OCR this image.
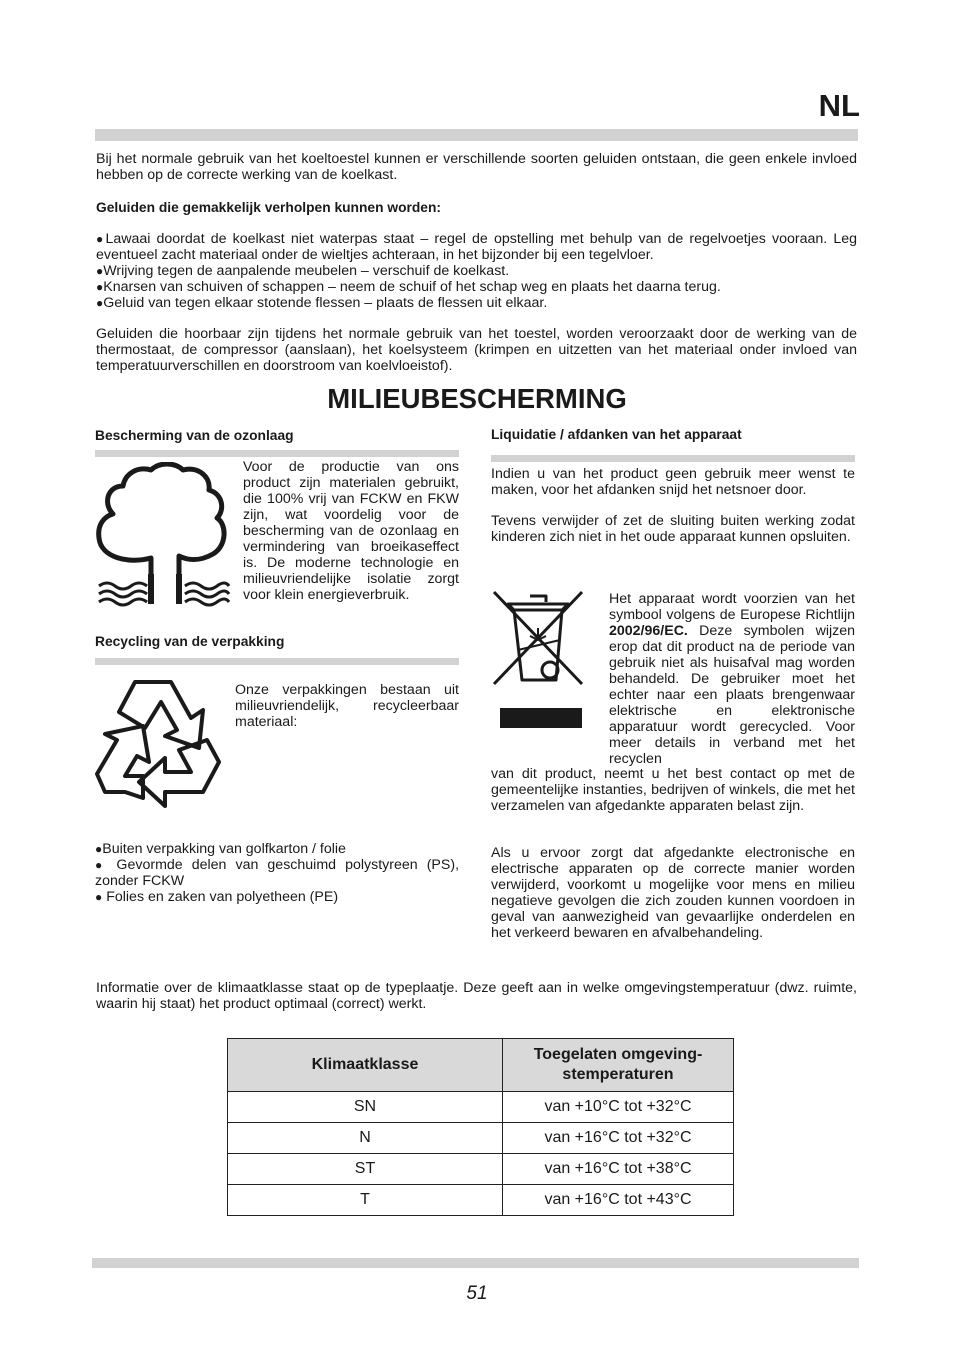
NL

Bij het normale gebruik van het koeltoestel kunnen er verschillende soorten geluiden ontstaan, die geen enkele invloed hebben op de correcte werking van de koelkast.

Geluiden die gemakkelijk verholpen kunnen worden:

● Lawaai doordat de koelkast niet waterpas staat – regel de opstelling met behulp van de regelvoetjes vooraan. Leg eventueel zacht materiaal onder de wieltjes achteraan, in het bijzonder bij een tegelvloer.
● Wrijving tegen de aanpalende meubelen – verschuif de koelkast.
● Knarsen van schuiven of schappen – neem de schuif of het schap weg en plaats het daarna terug.
● Geluid van tegen elkaar stotende flessen – plaats de flessen uit elkaar.

Geluiden die hoorbaar zijn tijdens het normale gebruik van het toestel, worden veroorzaakt door de werking van de thermostaat, de compressor (aanslaan), het koelsysteem (krimpen en uitzetten van het materiaal onder invloed van temperatuurverschillen en doorstroom van koelvloeistof).

MILIEUBESCHERMING

Bescherming van de ozonlaag

Voor de productie van ons product zijn materialen gebruikt, die 100% vrij van FCKW en FKW zijn, wat voordelig voor de bescherming van de ozonlaag en vermindering van broeikaseffect is. De moderne technologie en milieuvriendelijke isolatie zorgt voor klein energieverbruik.

Recycling van de verpakking

Onze verpakkingen bestaan uit milieuvriendelijk, recycleerbaar materiaal:

● Buiten verpakking van golfkarton / folie
● Gevormde delen van geschuimd polystyreen (PS), zonder FCKW
● Folies en zaken van polyetheen (PE)

Liquidatie / afdanken van het apparaat

Indien u van het product geen gebruik meer wenst te maken, voor het afdanken snijd het netsnoer door.

Tevens verwijder of zet de sluiting buiten werking zodat kinderen zich niet in het oude apparaat kunnen opsluiten.

Het apparaat wordt voorzien van het symbool volgens de Europese Richtlijn 2002/96/EC. Deze symbolen wijzen erop dat dit product na de periode van gebruik niet als huisafval mag worden behandeld. De gebruiker moet het echter naar een plaats brengenwaar elektrische en elektronische apparatuur wordt gerecycled. Voor meer details in verband met het recyclen

van dit product, neemt u het best contact op met de gemeentelijke instanties, bedrijven of winkels, die met het verzamelen van afgedankte apparaten belast zijn.

Als u ervoor zorgt dat afgedankte electronische en electrische apparaten op de correcte manier worden verwijderd, voorkomt u mogelijke voor mens en milieu negatieve gevolgen die zich zouden kunnen voordoen in geval van aanwezigheid van gevaarlijke onderdelen en het verkeerd bewaren en afvalbehandeling.

Informatie over de klimaatklasse staat op de typeplaatje. Deze geeft aan in welke omgevingstemperatuur (dwz. ruimte, waarin hij staat) het product optimaal (correct) werkt.

Klimaatklasse	Toegelaten omgeving-stemperaturen
SN	van +10°C tot +32°C
N	van +16°C tot +32°C
ST	van +16°C tot +38°C
T	van +16°C tot +43°C
51
